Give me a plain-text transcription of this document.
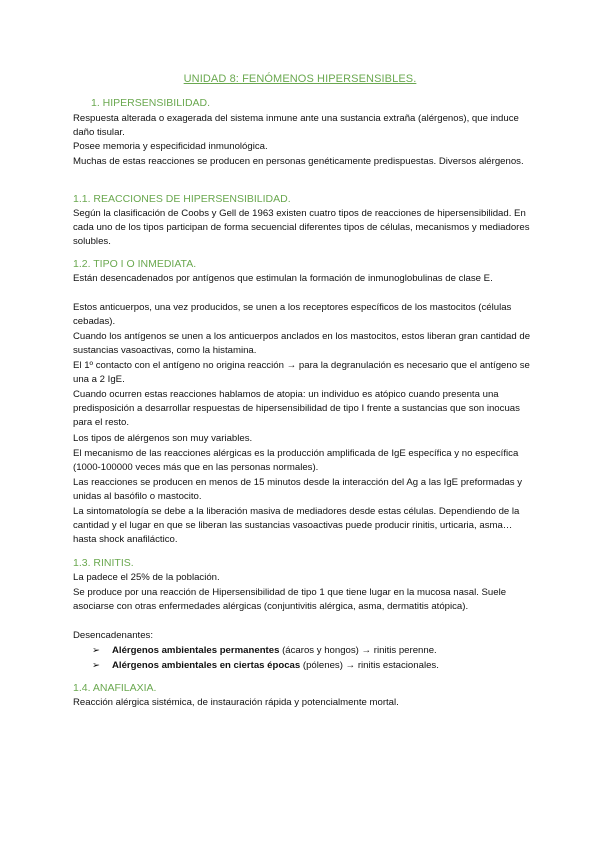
UNIDAD 8: FENÓMENOS HIPERSENSIBLES.
1. HIPERSENSIBILIDAD.
Respuesta alterada o exagerada del sistema inmune ante una sustancia extraña (alérgenos), que induce daño tisular.
Posee memoria y especificidad inmunológica.
Muchas de estas reacciones se producen en personas genéticamente predispuestas. Diversos alérgenos.
1.1. REACCIONES DE HIPERSENSIBILIDAD.
Según la clasificación de Coobs y Gell de 1963 existen cuatro tipos de reacciones de hipersensibilidad. En cada uno de los tipos participan de forma secuencial diferentes tipos de células, mecanismos y mediadores solubles.
1.2. TIPO I O INMEDIATA.
Están desencadenados por antígenos que estimulan la formación de inmunoglobulinas de clase E.
Estos anticuerpos, una vez producidos, se unen a los receptores específicos de los mastocitos (células cebadas).
Cuando los antígenos se unen a los anticuerpos anclados en los mastocitos, estos liberan gran cantidad de sustancias vasoactivas, como la histamina.
El 1º contacto con el antígeno no origina reacción → para la degranulación es necesario que el antígeno se una a 2 IgE.
Cuando ocurren estas reacciones hablamos de atopia: un individuo es atópico cuando presenta una predisposición a desarrollar respuestas de hipersensibilidad de tipo I frente a sustancias que son inocuas para el resto.
Los tipos de alérgenos son muy variables.
El mecanismo de las reacciones alérgicas es la producción amplificada de IgE específica y no específica (1000-100000 veces más que en las personas normales).
Las reacciones se producen en menos de 15 minutos desde la interacción del Ag a las IgE preformadas y unidas al basófilo o mastocito.
La sintomatología se debe a la liberación masiva de mediadores desde estas células. Dependiendo de la cantidad y el lugar en que se liberan las sustancias vasoactivas puede producir rinitis, urticaria, asma…hasta shock anafiláctico.
1.3. RINITIS.
La padece el 25% de la población.
Se produce por una reacción de Hipersensibilidad de tipo 1 que tiene lugar en la mucosa nasal. Suele asociarse con otras enfermedades alérgicas (conjuntivitis alérgica, asma, dermatitis atópica).
Desencadenantes:
➢ Alérgenos ambientales permanentes (ácaros y hongos) → rinitis perenne.
➢ Alérgenos ambientales en ciertas épocas (pólenes) → rinitis estacionales.
1.4. ANAFILAXIA.
Reacción alérgica sistémica, de instauración rápida y potencialmente mortal.
